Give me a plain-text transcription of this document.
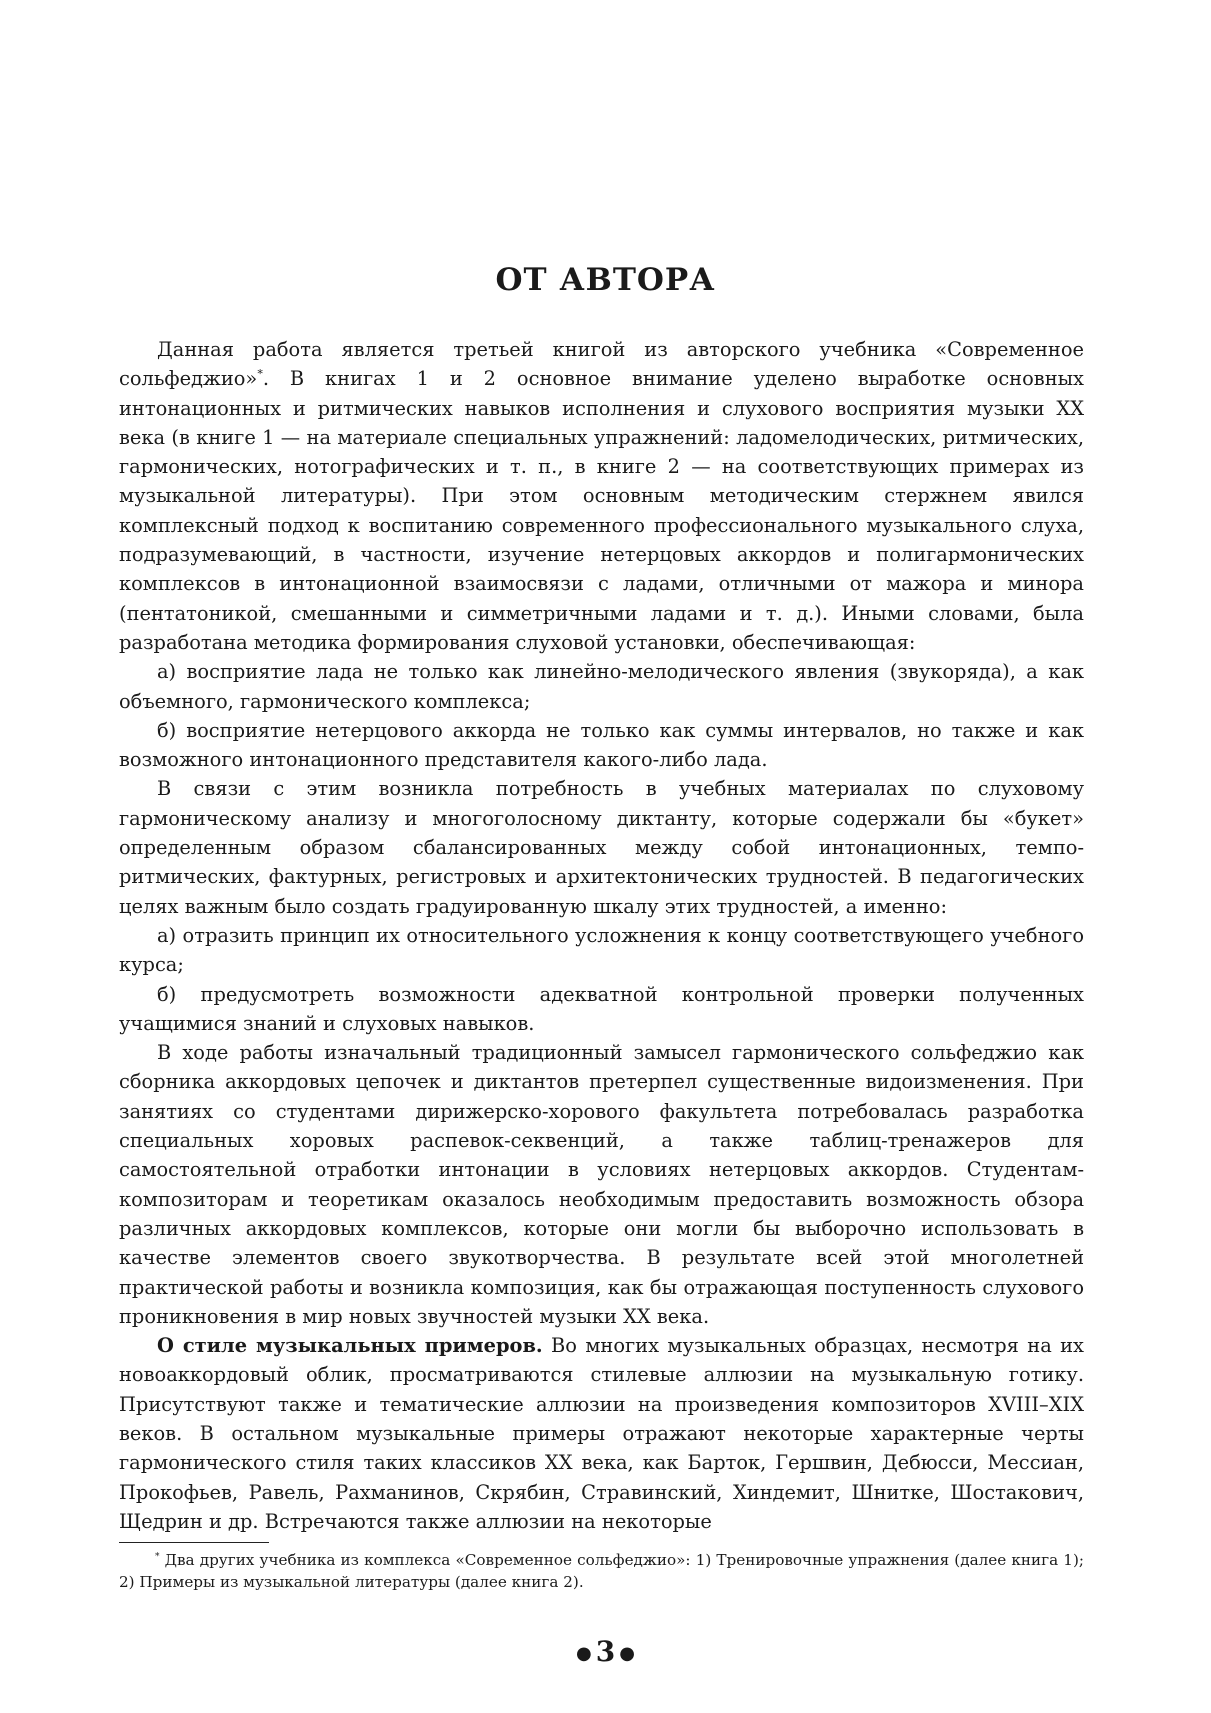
ОТ АВТОРА

Данная работа является третьей книгой из авторского учебника «Современное сольфеджио»*. В книгах 1 и 2 основное внимание уделено выработке основных интонационных и ритмических навыков исполнения и слухового восприятия музыки XX века (в книге 1 — на материале специальных упражнений: ладомелодических, ритмических, гармонических, нотографических и т. п., в книге 2 — на соответствующих примерах из музыкальной литературы). При этом основным методическим стержнем явился комплексный подход к воспитанию современного профессионального музыкального слуха, подразумевающий, в частности, изучение нетерцовых аккордов и полигармонических комплексов в интонационной взаимосвязи с ладами, отличными от мажора и минора (пентатоникой, смешанными и симметричными ладами и т. д.). Иными словами, была разработана методика формирования слуховой установки, обеспечивающая:

а) восприятие лада не только как линейно-мелодического явления (звукоряда), а как объемного, гармонического комплекса;

б) восприятие нетерцового аккорда не только как суммы интервалов, но также и как возможного интонационного представителя какого-либо лада.

В связи с этим возникла потребность в учебных материалах по слуховому гармоническому анализу и многоголосному диктанту, которые содержали бы «букет» определенным образом сбалансированных между собой интонационных, темпо-ритмических, фактурных, регистровых и архитектонических трудностей. В педагогических целях важным было создать градуированную шкалу этих трудностей, а именно:

а) отразить принцип их относительного усложнения к концу соответствующего учебного курса;

б) предусмотреть возможности адекватной контрольной проверки полученных учащимися знаний и слуховых навыков.

В ходе работы изначальный традиционный замысел гармонического сольфеджио как сборника аккордовых цепочек и диктантов претерпел существенные видоизменения. При занятиях со студентами дирижерско-хорового факультета потребовалась разработка специальных хоровых распевок-секвенций, а также таблиц-тренажеров для самостоятельной отработки интонации в условиях нетерцовых аккордов. Студентам-композиторам и теоретикам оказалось необходимым предоставить возможность обзора различных аккордовых комплексов, которые они могли бы выборочно использовать в качестве элементов своего звукотворчества. В результате всей этой многолетней практической работы и возникла композиция, как бы отражающая поступенность слухового проникновения в мир новых звучностей музыки XX века.

О стиле музыкальных примеров. Во многих музыкальных образцах, несмотря на их новоаккордовый облик, просматриваются стилевые аллюзии на музыкальную готику. Присутствуют также и тематические аллюзии на произведения композиторов XVIII–XIX веков. В остальном музыкальные примеры отражают некоторые характерные черты гармонического стиля таких классиков XX века, как Барток, Гершвин, Дебюсси, Мессиан, Прокофьев, Равель, Рахманинов, Скрябин, Стравинский, Хиндемит, Шнитке, Шостакович, Щедрин и др. Встречаются также аллюзии на некоторые

* Два других учебника из комплекса «Современное сольфеджио»: 1) Тренировочные упражнения (далее книга 1); 2) Примеры из музыкальной литературы (далее книга 2).

● 3 ●
